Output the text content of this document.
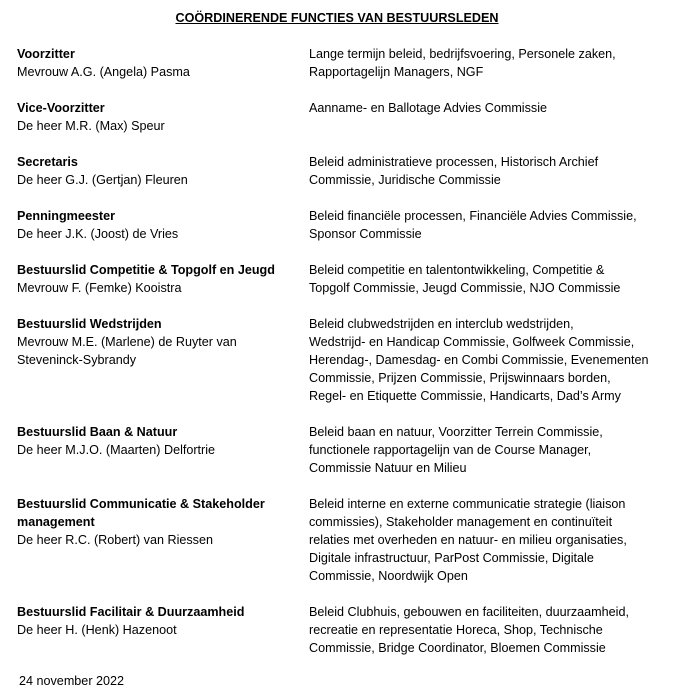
COÖRDINERENDE FUNCTIES VAN BESTUURSLEDEN
Voorzitter
Mevrouw A.G. (Angela) Pasma
Lange termijn beleid, bedrijfsvoering, Personele zaken,
Rapportagelijn Managers, NGF
Vice-Voorzitter
De heer M.R. (Max) Speur
Aanname- en Ballotage Advies Commissie
Secretaris
De heer G.J. (Gertjan) Fleuren
Beleid administratieve processen, Historisch Archief
Commissie, Juridische Commissie
Penningmeester
De heer J.K. (Joost) de Vries
Beleid financiële processen, Financiële Advies Commissie,
Sponsor Commissie
Bestuurslid Competitie & Topgolf en Jeugd
Mevrouw F. (Femke) Kooistra
Beleid competitie en talentontwikkeling, Competitie &
Topgolf Commissie, Jeugd Commissie, NJO Commissie
Bestuurslid Wedstrijden
Mevrouw M.E. (Marlene) de Ruyter van
Steveninck-Sybrandy
Beleid clubwedstrijden en interclub wedstrijden,
Wedstrijd- en Handicap Commissie, Golfweek Commissie,
Herendag-, Damesdag- en Combi Commissie, Evenementen
Commissie, Prijzen Commissie, Prijswinnaars borden,
Regel- en Etiquette Commissie, Handicarts, Dad’s Army
Bestuurslid Baan & Natuur
De heer M.J.O. (Maarten) Delfortrie
Beleid baan en natuur, Voorzitter Terrein Commissie,
functionele rapportagelijn van de Course Manager,
Commissie Natuur en Milieu
Bestuurslid Communicatie & Stakeholder
management
De heer R.C. (Robert) van Riessen
Beleid interne en externe communicatie strategie (liaison
commissies), Stakeholder management en continuïteit
relaties met overheden en natuur- en milieu organisaties,
Digitale infrastructuur, ParPost Commissie, Digitale
Commissie, Noordwijk Open
Bestuurslid Facilitair & Duurzaamheid
De heer H. (Henk) Hazenoot
Beleid Clubhuis, gebouwen en faciliteiten, duurzaamheid,
recreatie en representatie Horeca, Shop, Technische
Commissie, Bridge Coordinator, Bloemen Commissie
24 november 2022
